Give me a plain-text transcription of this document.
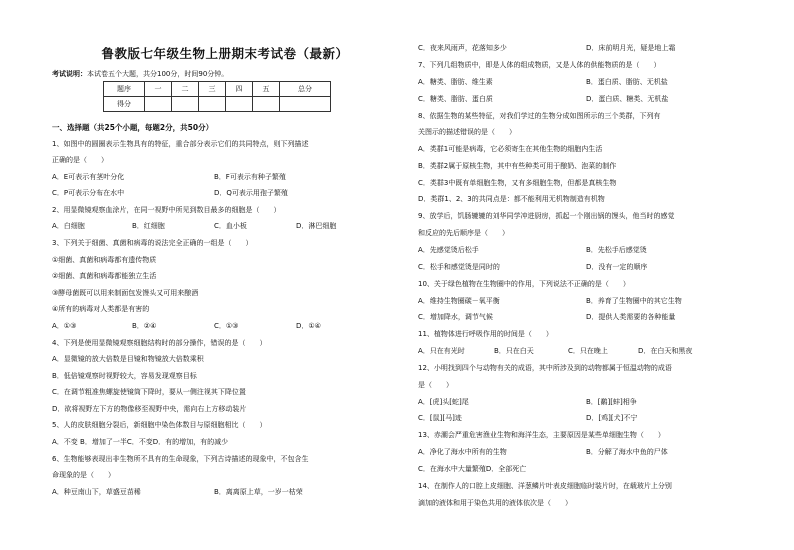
鲁教版七年级生物上册期末考试卷（最新）
考试说明：本试卷五个大题，共分100分，时间90分钟。
题序	一	二	三	四	五	总分
得分						
一、选择题（共25个小题，每题2分，共50分）
1、如图中的圆圈表示生物具有的特征，重合部分表示它们的共同特点，则下列描述
正确的是（　　）
A．E可表示有茎叶分化	B．F可表示有种子繁殖
C．P可表示分布在水中	D．Q可表示用孢子繁殖
2、用显微镜观察血涂片，在同一视野中所见到数目最多的细胞是（　　）
A．白细胞	B．红细胞	C．血小板	D．淋巴细胞
3、下列关于细菌、真菌和病毒的说法完全正确的一组是（　　）
①细菌、真菌和病毒都有遗传物质
②细菌、真菌和病毒都能独立生活
③酵母菌既可以用来制面包发馒头又可用来酿酒
④所有的病毒对人类都是有害的
A．①③	B．②④	C．①③	D．①④
4、下列是使用显微镜观察细胞结构时的部分操作，错误的是（　　）
A．显微镜的放大倍数是目镜和物镜放大倍数乘积
B．低倍镜观察时视野较大，容易发现观察目标
C．在调节粗准焦螺旋使镜筒下降时，要从一侧注视其下降位置
D．欲将视野左下方的物像移至视野中央，需向右上方移动装片
5、人的皮肤细胞分裂后，新细胞中染色体数目与原细胞相比（　　）
A．不变 B．增加了一半C．不变D．有的增加，有的减少
6、生物能够表现出非生物所不具有的生命现象，下列古诗描述的现象中，不包含生
命现象的是（　　）
A．种豆南山下，草盛豆苗稀	B．离离原上草，一岁一枯荣
C．夜来风雨声，花落知多少	D．床前明月光，疑是地上霜
7、下列几组物质中，即是人体的组成物质，又是人体的供能物质的是（　　）
A．糖类、脂肪、维生素	B．蛋白质、脂肪、无机盐
C．糖类、脂肪、蛋白质	D．蛋白质、糖类、无机盐
8、依据生物的某些特征，对我们学过的生物分成如图所示的三个类群，下列有
关图示的描述错误的是（　　）
A．类群1可能是病毒，它必须寄生在其他生物的细胞内生活
B．类群2属于原核生物，其中有些种类可用于酿奶、泡菜的制作
C．类群3中既有单细胞生物，又有多细胞生物，但都是真核生物
D．类群1、2、3的共同点是：都不能利用无机物制造有机物
9、放学后，饥肠辘辘的刘华同学冲进厨房，抓起一个刚出锅的馒头，他当时的感觉
和反应的先后顺序是（　　）
A．先感觉烫后松手	B．先松手后感觉烫
C．松手和感觉烫是同时的	D．没有一定的顺序
10、关于绿色植物在生物圈中的作用，下列说法不正确的是（　　）
A．维持生物圈碳－氧平衡	B．养育了生物圈中的其它生物
C．增加降水，调节气候	D．提供人类需要的各种能量
11、植物体进行呼吸作用的时间是（　　）
A．只在有光时	B．只在白天	C．只在晚上	D．在白天和黑夜
12、小明找到四个与动物有关的成语，其中所涉及到的动物都属于恒温动物的成语
是（　　）
A．[虎]头[蛇]尾	B．[鹬][蚌]相争
C．[鼠][马]迹	D．[鸡][犬]不宁
13、赤潮会严重危害渔业生物和海洋生态，主要原因是某些单细胞生物（　　）
A．净化了海水中所有的生物	B．分解了海水中鱼的尸体
C．在海水中大量繁殖D．全部死亡
14、在制作人的口腔上皮细胞、洋葱鳞片叶表皮细胞临时装片时，在载玻片上分别
滴加的液体和用于染色共用的液体依次是（　　）
